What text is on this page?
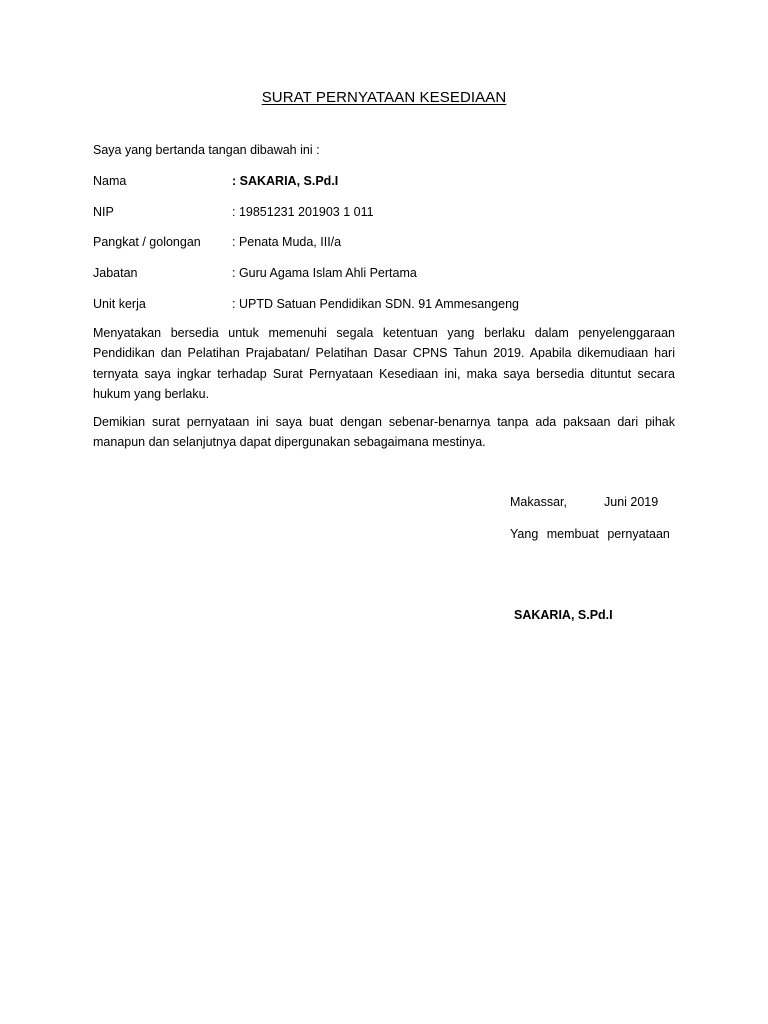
SURAT PERNYATAAN KESEDIAAN
Saya yang bertanda tangan dibawah ini :
Nama	: SAKARIA, S.Pd.I
NIP	: 19851231 201903 1 011
Pangkat / golongan	: Penata Muda, III/a
Jabatan	: Guru Agama Islam Ahli Pertama
Unit kerja	: UPTD Satuan Pendidikan SDN. 91 Ammesangeng

Menyatakan bersedia untuk memenuhi segala ketentuan yang berlaku dalam penyelenggaraan Pendidikan dan Pelatihan Prajabatan/ Pelatihan Dasar CPNS Tahun 2019. Apabila dikemudiaan hari ternyata saya ingkar terhadap Surat Pernyataan Kesediaan ini, maka saya bersedia dituntut secara hukum yang berlaku.

Demikian surat pernyataan ini saya buat dengan sebenar-benarnya tanpa ada paksaan dari pihak manapun dan selanjutnya dapat dipergunakan sebagaimana mestinya.

Makassar,	Juni 2019
Yang membuat pernyataan
SAKARIA, S.Pd.I
